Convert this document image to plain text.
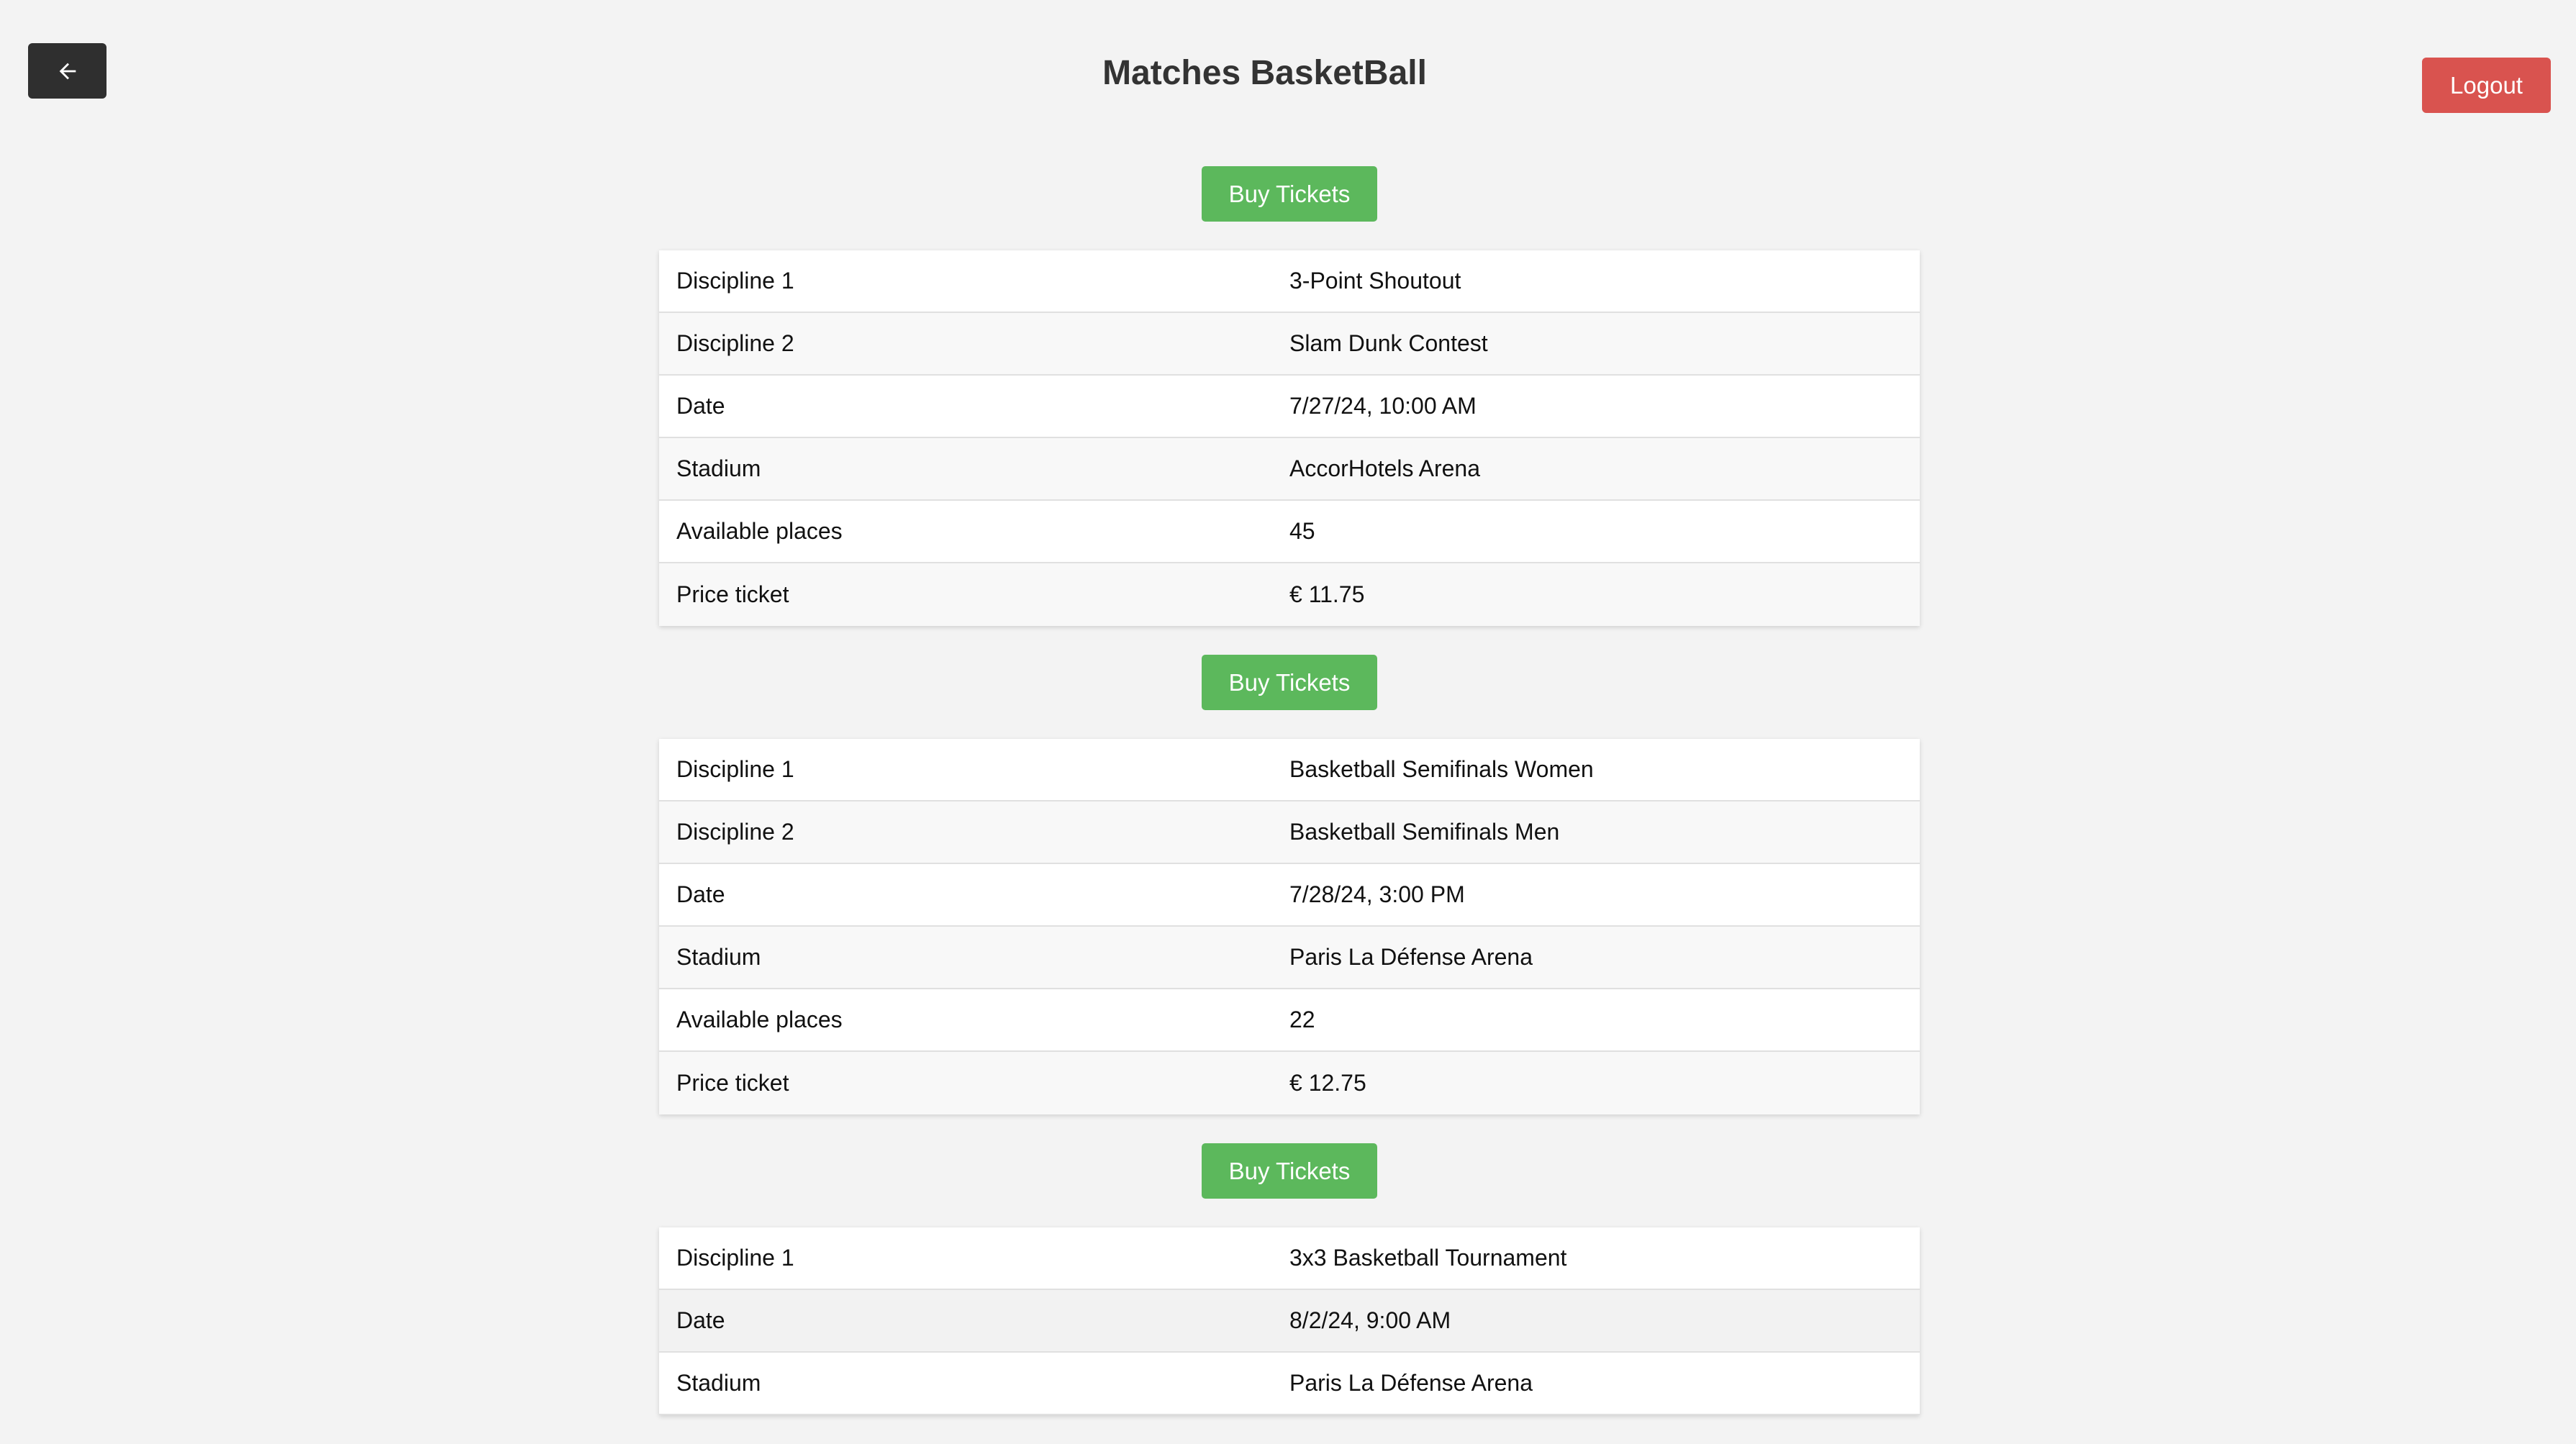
Matches BasketBall	Logout
Buy Tickets
Discipline 1	3-Point Shoutout
Discipline 2	Slam Dunk Contest
Date	7/27/24, 10:00 AM
Stadium	AccorHotels Arena
Available places	45
Price ticket	€ 11.75
Buy Tickets
Discipline 1	Basketball Semifinals Women
Discipline 2	Basketball Semifinals Men
Date	7/28/24, 3:00 PM
Stadium	Paris La Défense Arena
Available places	22
Price ticket	€ 12.75
Buy Tickets
Discipline 1	3x3 Basketball Tournament
Date	8/2/24, 9:00 AM
Stadium	Paris La Défense Arena
